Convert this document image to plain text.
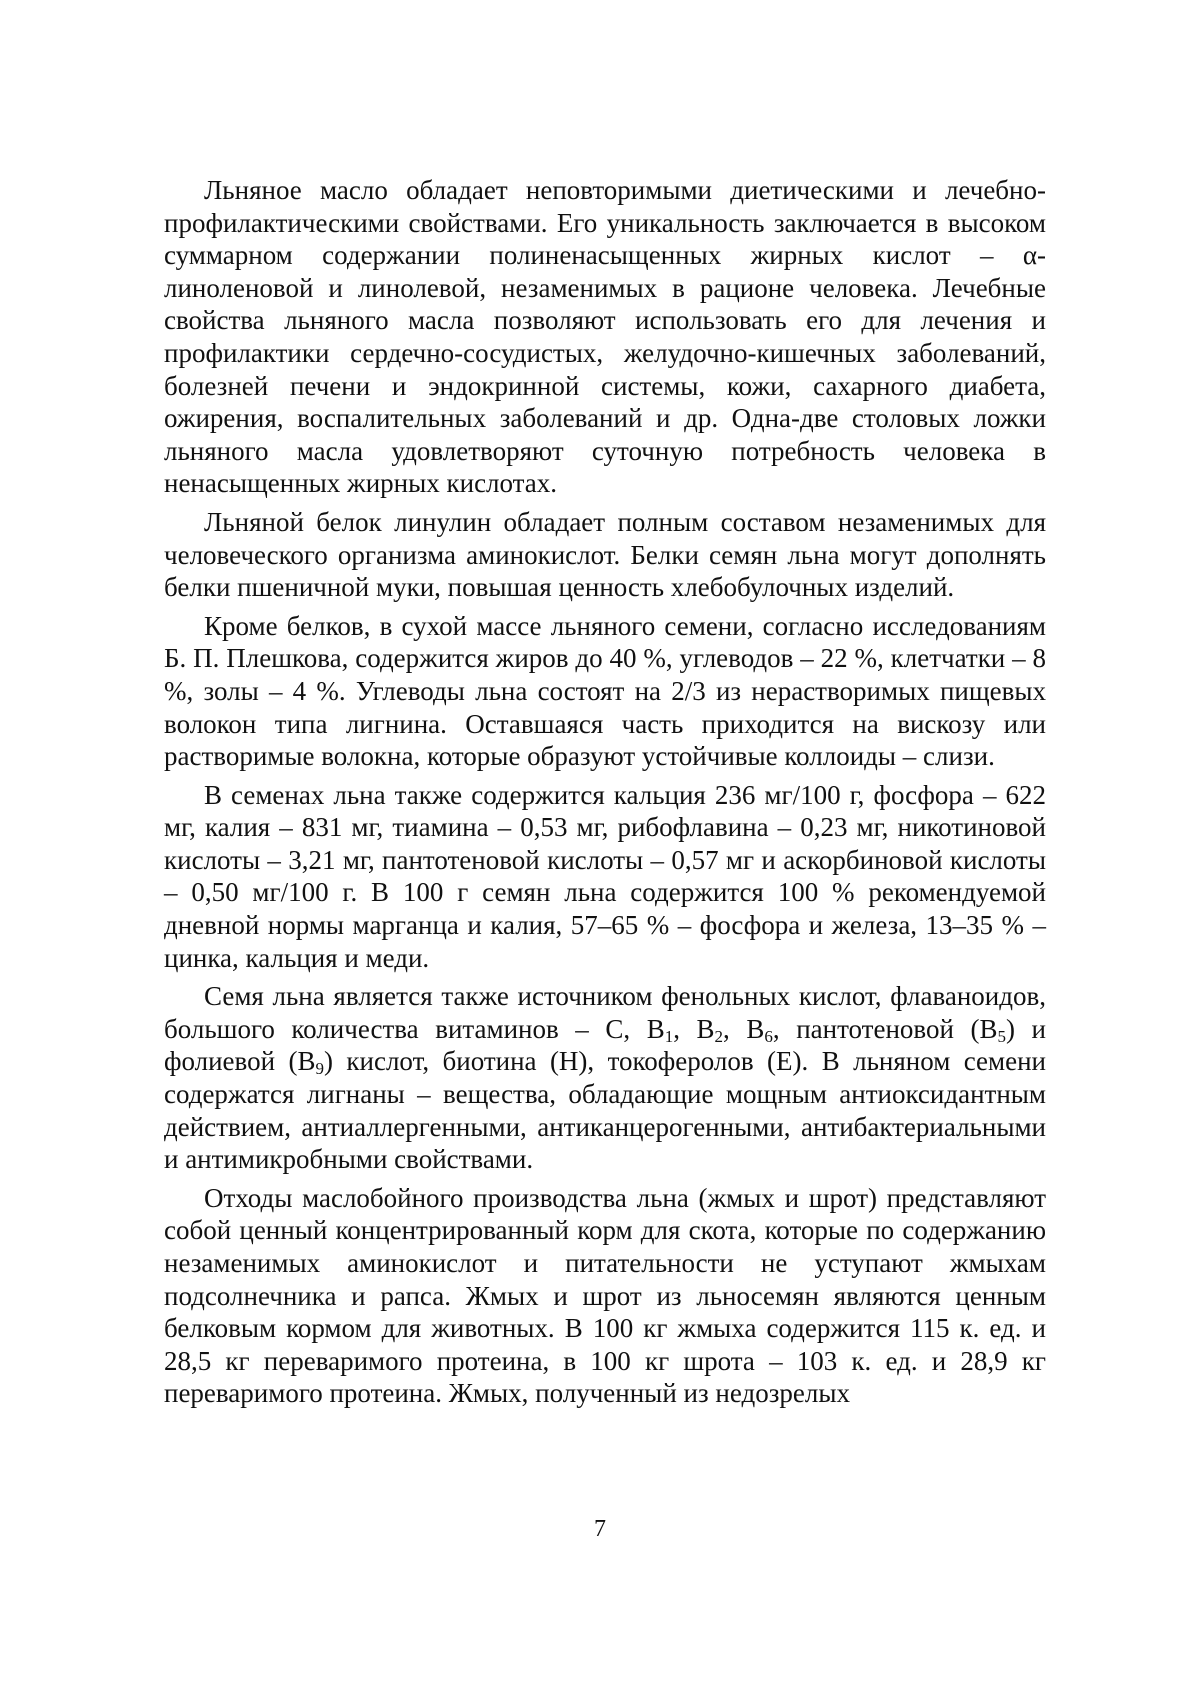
Льняное масло обладает неповторимыми диетическими и лечебно-профилактическими свойствами. Его уникальность заключается в высоком суммарном содержании полиненасыщенных жирных кислот – α-линоленовой и линолевой, незаменимых в рационе человека. Лечебные свойства льняного масла позволяют использовать его для лечения и профилактики сердечно-сосудистых, желудочно-кишечных заболеваний, болезней печени и эндокринной системы, кожи, сахарного диабета, ожирения, воспалительных заболеваний и др. Одна-две столовых ложки льняного масла удовлетворяют суточную потребность человека в ненасыщенных жирных кислотах.

Льняной белок линулин обладает полным составом незаменимых для человеческого организма аминокислот. Белки семян льна могут дополнять белки пшеничной муки, повышая ценность хлебобулочных изделий.

Кроме белков, в сухой массе льняного семени, согласно исследованиям Б. П. Плешкова, содержится жиров до 40 %, углеводов – 22 %, клетчатки – 8 %, золы – 4 %. Углеводы льна состоят на 2/3 из нерастворимых пищевых волокон типа лигнина. Оставшаяся часть приходится на вискозу или растворимые волокна, которые образуют устойчивые коллоиды – слизи.

В семенах льна также содержится кальция 236 мг/100 г, фосфора – 622 мг, калия – 831 мг, тиамина – 0,53 мг, рибофлавина – 0,23 мг, никотиновой кислоты – 3,21 мг, пантотеновой кислоты – 0,57 мг и аскорбиновой кислоты – 0,50 мг/100 г. В 100 г семян льна содержится 100 % рекомендуемой дневной нормы марганца и калия, 57–65 % – фосфора и железа, 13–35 % – цинка, кальция и меди.

Семя льна является также источником фенольных кислот, флаваноидов, большого количества витаминов – С, $В_1$, $В_2$, $В_6$, пантотеновой $(В_5)$ и фолиевой $(В_9)$ кислот, биотина (Н), токоферолов (Е). В льняном семени содержатся лигнаны – вещества, обладающие мощным антиоксидантным действием, антиаллергенными, антиканцерогенными, антибактериальными и антимикробными свойствами.

Отходы маслобойного производства льна (жмых и шрот) представляют собой ценный концентрированный корм для скота, которые по содержанию незаменимых аминокислот и питательности не уступают жмыхам подсолнечника и рапса. Жмых и шрот из льносемян являются ценным белковым кормом для животных. В 100 кг жмыха содержится 115 к. ед. и 28,5 кг переваримого протеина, в 100 кг шрота – 103 к. ед. и 28,9 кг переваримого протеина. Жмых, полученный из недозрелых

7
